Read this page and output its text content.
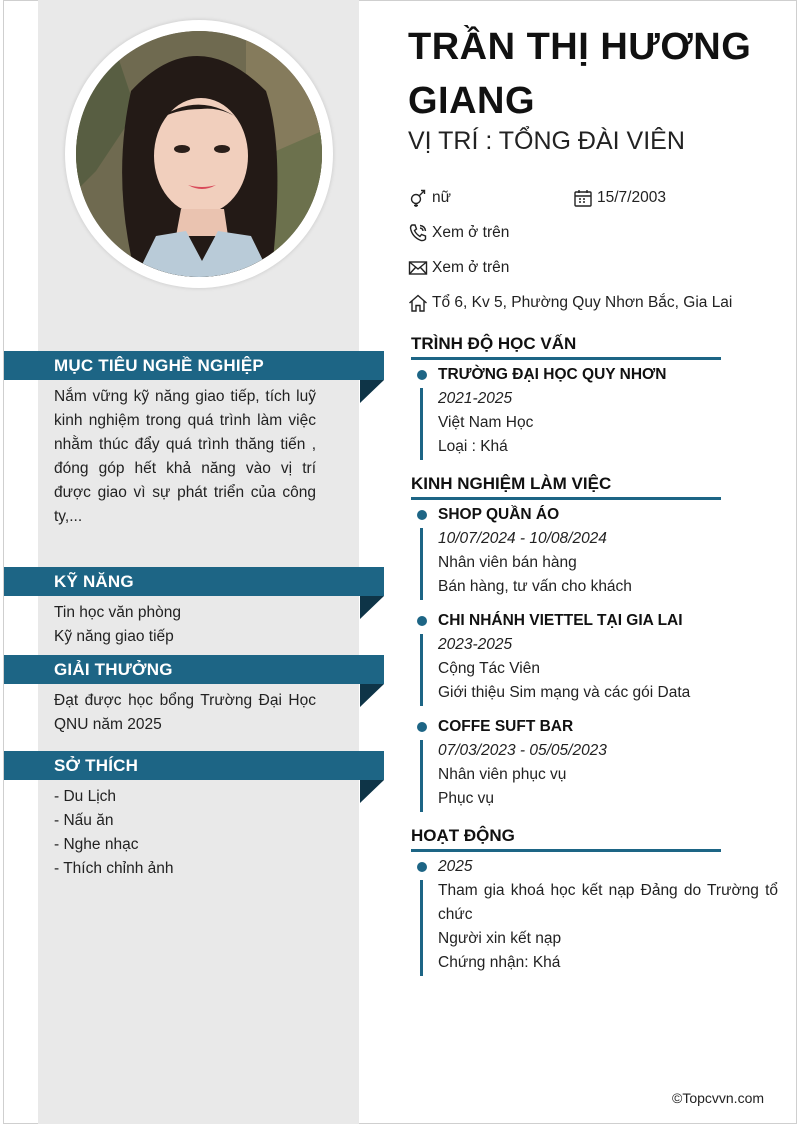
MỤC TIÊU NGHỀ NGHIỆP
Nắm vững kỹ năng giao tiếp, tích luỹ kinh nghiệm trong quá trình làm việc nhằm thúc đẩy quá trình thăng tiến , đóng góp hết khả năng vào vị trí được giao vì sự phát triển của công ty,...
KỸ NĂNG
Tin học văn phòng
Kỹ năng giao tiếp
GIẢI THƯỞNG
Đạt được học bổng Trường Đại Học QNU năm 2025
SỞ THÍCH
- Du Lịch
- Nấu ăn
- Nghe nhạc
- Thích chỉnh ảnh
TRẦN THỊ HƯƠNG GIANG
VỊ TRÍ : TỔNG ĐÀI VIÊN
nữ	15/7/2003
Xem ở trên
Xem ở trên
Tổ 6, Kv 5, Phường Quy Nhơn Bắc, Gia Lai
TRÌNH ĐỘ HỌC VẤN
TRƯỜNG ĐẠI HỌC QUY NHƠN
2021-2025
Việt Nam Học
Loại : Khá
KINH NGHIỆM LÀM VIỆC
SHOP QUẦN ÁO
10/07/2024 - 10/08/2024
Nhân viên bán hàng
Bán hàng, tư vấn cho khách
CHI NHÁNH VIETTEL TẠI GIA LAI
2023-2025
Cộng Tác Viên
Giới thiệu Sim mạng và các gói Data
COFFE SUFT BAR
07/03/2023 - 05/05/2023
Nhân viên phục vụ
Phục vụ
HOẠT ĐỘNG
2025
Tham gia khoá học kết nạp Đảng do Trường tổ chức
Người xin kết nạp
Chứng nhận: Khá
©Topcvvn.com
